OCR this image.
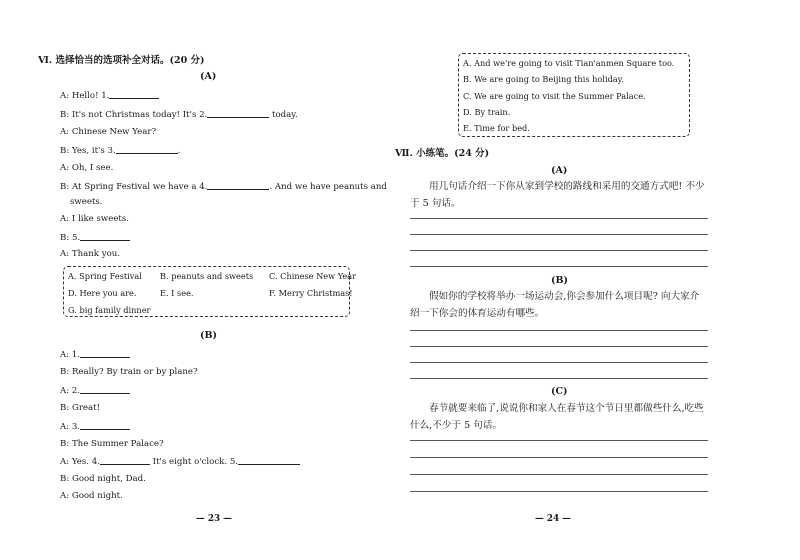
Ⅵ. 选择恰当的选项补全对话。(20 分)
(A)
A: Hello! 1.
B: It's not Christmas today! It's 2.	today.
A: Chinese New Year?
B: Yes, it's 3.	.
A: Oh, I see.
B: At Spring Festival we have a 4.	. And we have peanuts and
sweets.
A: I like sweets.
B: 5.
A: Thank you.
A. Spring Festival B. peanuts and sweets C. Chinese New Year
D. Here you are.	E. I see.	F. Merry Christmas!
G. big family dinner
(B)
A: 1.
B: Really? By train or by plane?
A: 2.
B: Great!
A: 3.
B: The Summer Palace?
A: Yes. 4.	It's eight o'clock. 5.
B: Good night, Dad.
A: Good night.
— 23 —
A. And we're going to visit Tian'anmen Square too.
B. We are going to Beijing this holiday.
C. We are going to visit the Summer Palace.
D. By train.
E. Time for bed.
Ⅶ. 小练笔。(24 分)
(A)
用几句话介绍一下你从家到学校的路线和采用的交通方式吧! 不少于 5 句话。
(B)
假如你的学校将举办一场运动会,你会参加什么项目呢? 向大家介绍一下你会的体育运动有哪些。
(C)
春节就要来临了,说说你和家人在春节这个节日里都做些什么,吃些什么,不少于 5 句话。
— 24 —
